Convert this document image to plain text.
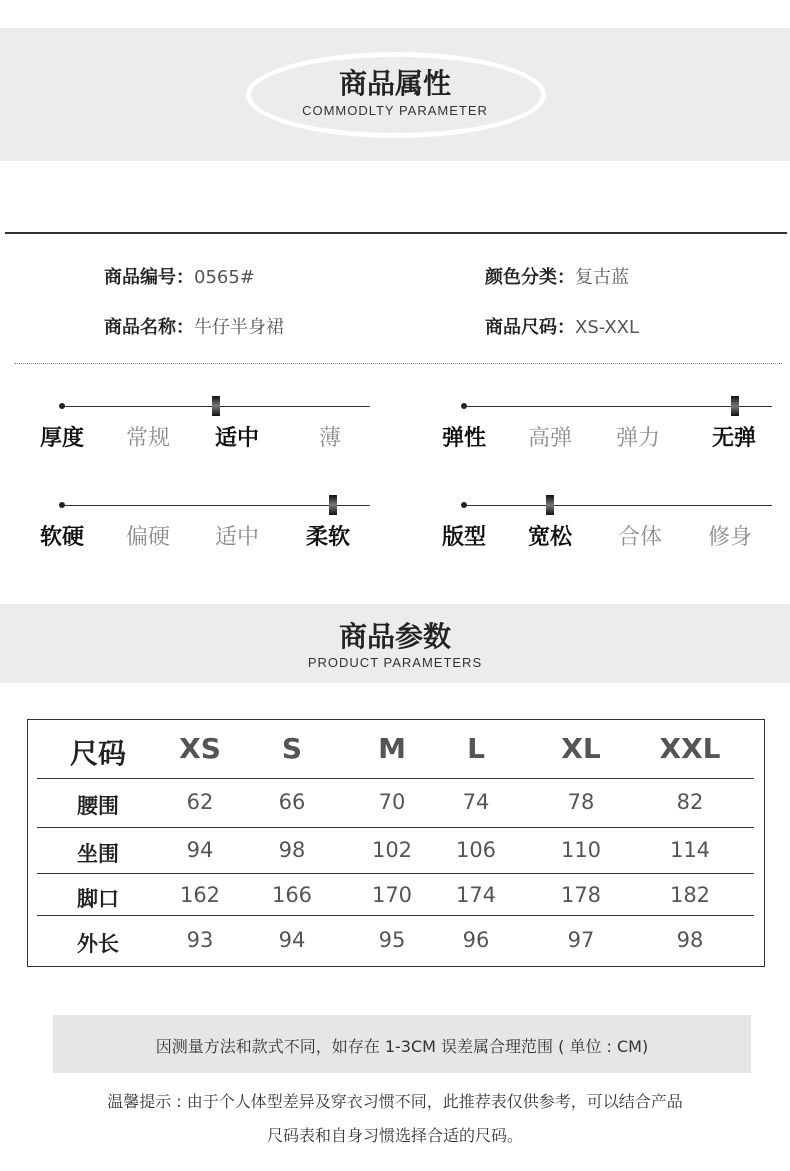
商品属性
COMMODLTY PARAMETER
商品编号：0565#
商品名称：牛仔半身裙
颜色分类：复古蓝
商品尺码：XS-XXL
厚度 常规 适中	薄	弹性 高弹 弹力 无弹
软硬 偏硬 适中 柔软	版型 宽松 合体 修身
商品参数
PRODUCT PARAMETERS
尺码	XS	S	M	L	XL	XXL
腰围	62	66	70	74	78	82
坐围	94	98	102	106	110	114
脚口	162	166	170	174	178	182
外长	93	94	95	96	97	98
因测量方法和款式不同，如存在 1-3CM 误差属合理范围 ( 单位 : CM)
温馨提示 : 由于个人体型差异及穿衣习惯不同，此推荐表仅供参考，可以结合产品
尺码表和自身习惯选择合适的尺码。
